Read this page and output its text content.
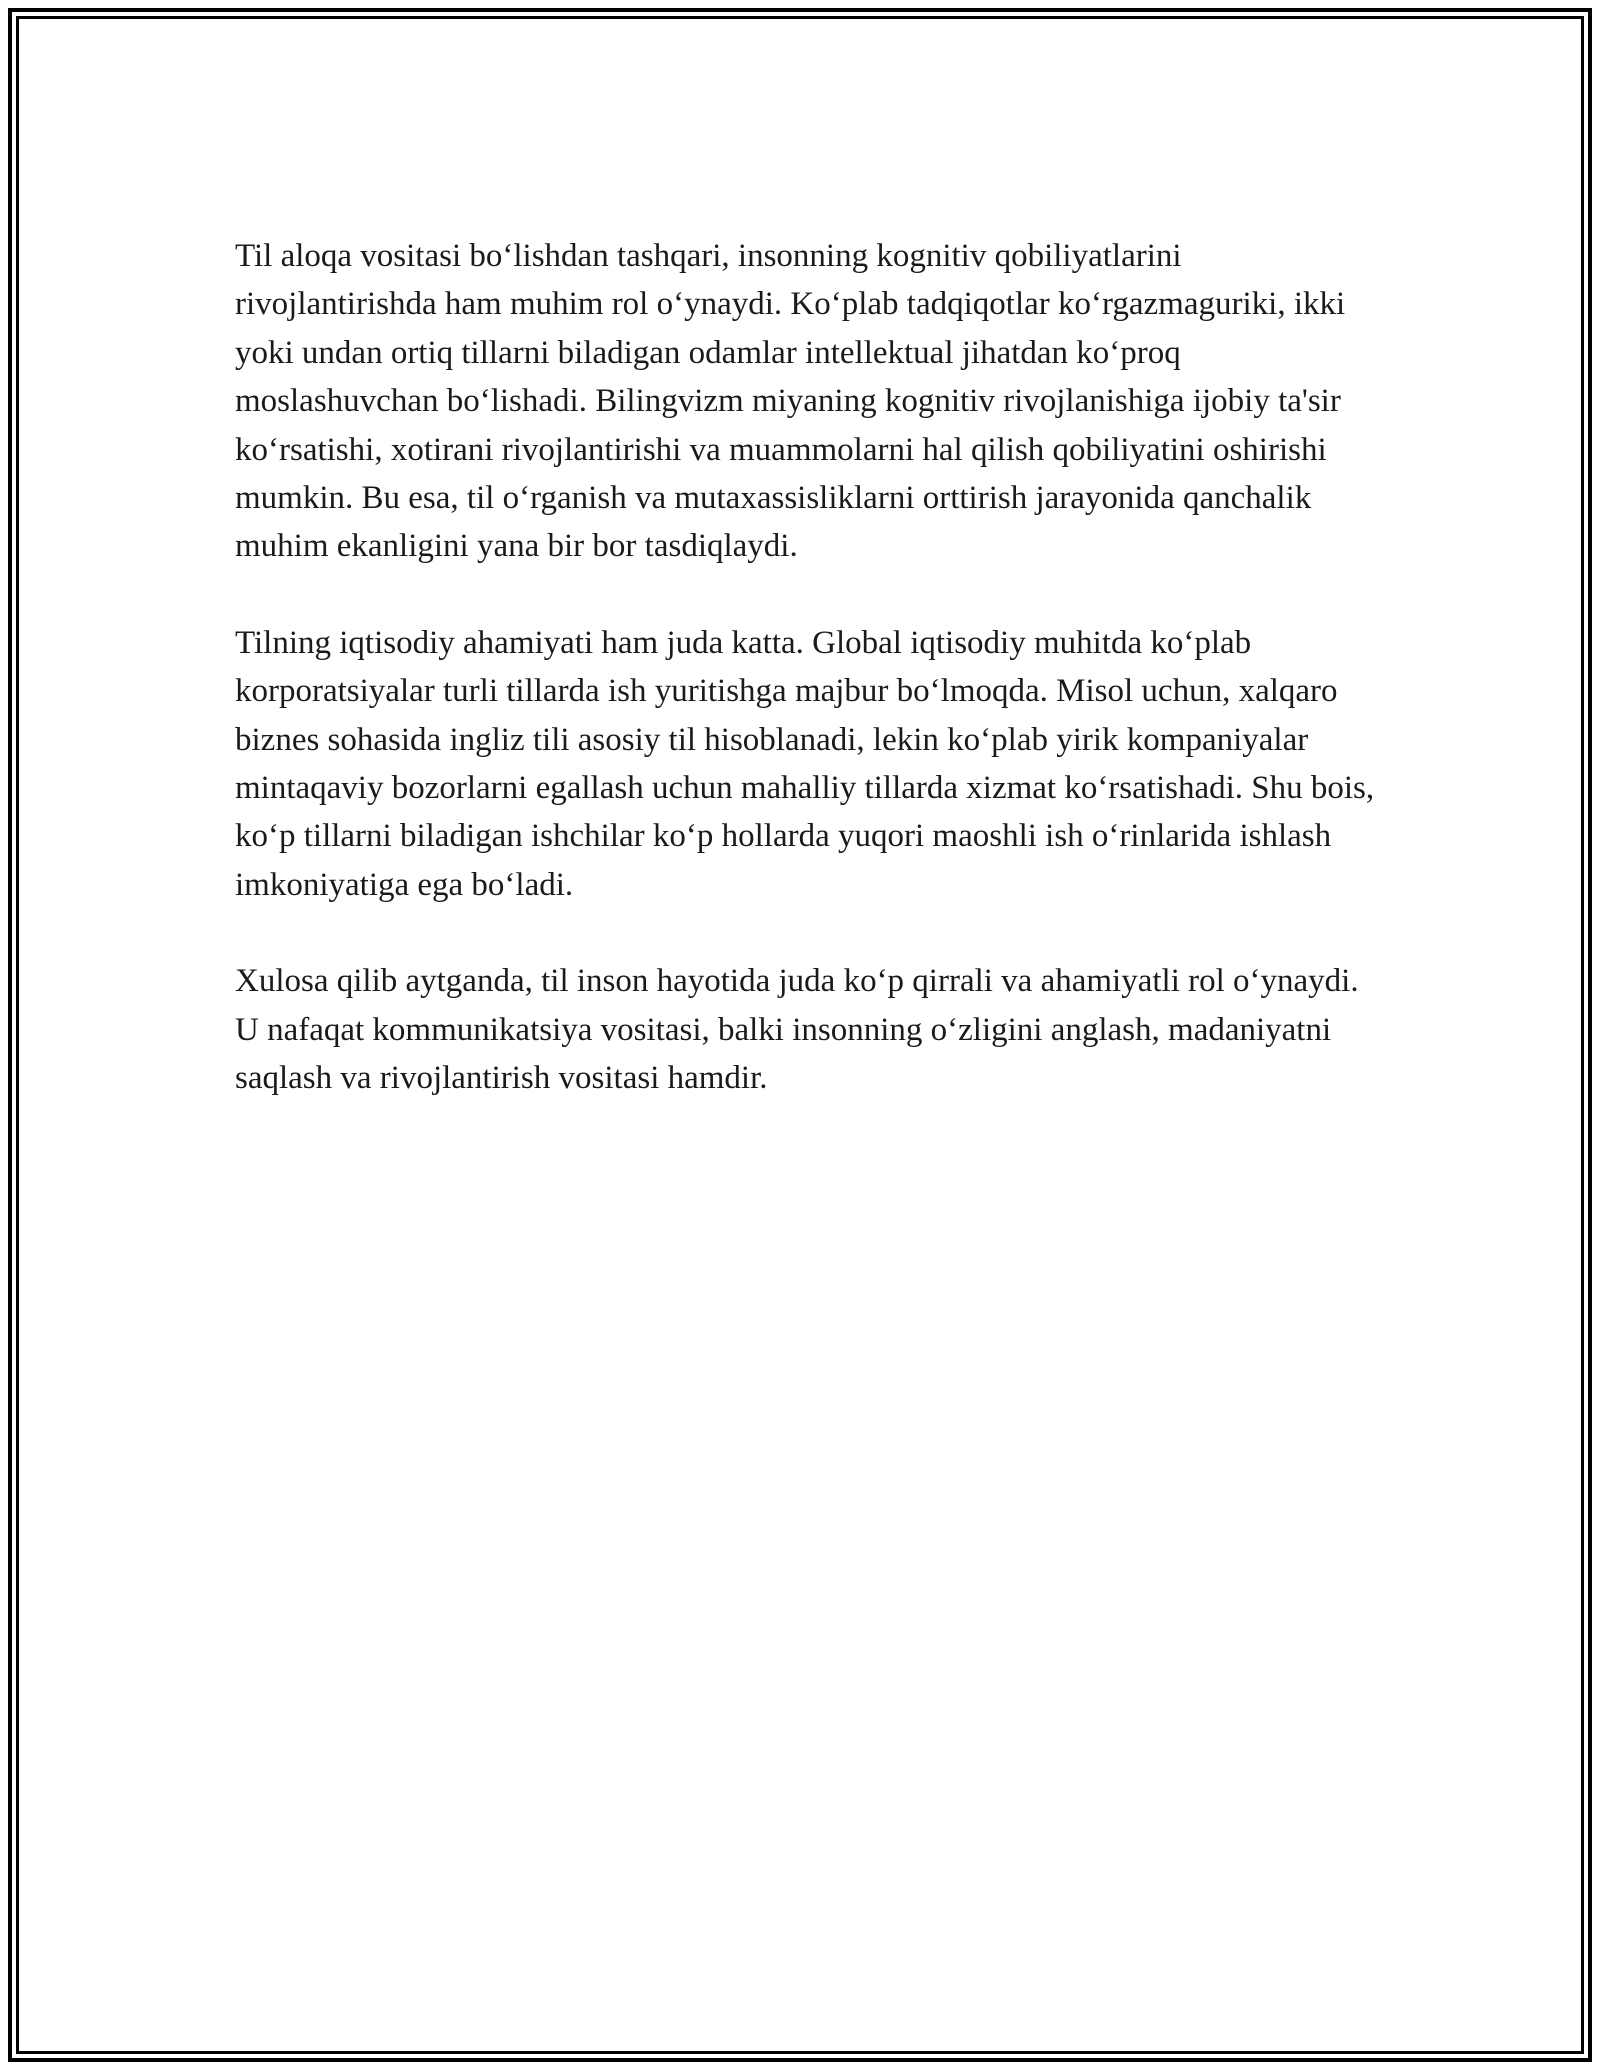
Til aloqa vositasi bo‘lishdan tashqari, insonning kognitiv qobiliyatlarini rivojlantirishda ham muhim rol o‘ynaydi. Ko‘plab tadqiqotlar ko‘rgazmaguriki, ikki yoki undan ortiq tillarni biladigan odamlar intellektual jihatdan ko‘proq moslashuvchan bo‘lishadi. Bilingvizm miyaning kognitiv rivojlanishiga ijobiy ta'sir ko‘rsatishi, xotirani rivojlantirishi va muammolarni hal qilish qobiliyatini oshirishi mumkin. Bu esa, til o‘rganish va mutaxassisliklarni orttirish jarayonida qanchalik muhim ekanligini yana bir bor tasdiqlaydi.

Tilning iqtisodiy ahamiyati ham juda katta. Global iqtisodiy muhitda ko‘plab korporatsiyalar turli tillarda ish yuritishga majbur bo‘lmoqda. Misol uchun, xalqaro biznes sohasida ingliz tili asosiy til hisoblanadi, lekin ko‘plab yirik kompaniyalar mintaqaviy bozorlarni egallash uchun mahalliy tillarda xizmat ko‘rsatishadi. Shu bois, ko‘p tillarni biladigan ishchilar ko‘p hollarda yuqori maoshli ish o‘rinlarida ishlash imkoniyatiga ega bo‘ladi.

Xulosa qilib aytganda, til inson hayotida juda ko‘p qirrali va ahamiyatli rol o‘ynaydi. U nafaqat kommunikatsiya vositasi, balki insonning o‘zligini anglash, madaniyatni saqlash va rivojlantirish vositasi hamdir.
